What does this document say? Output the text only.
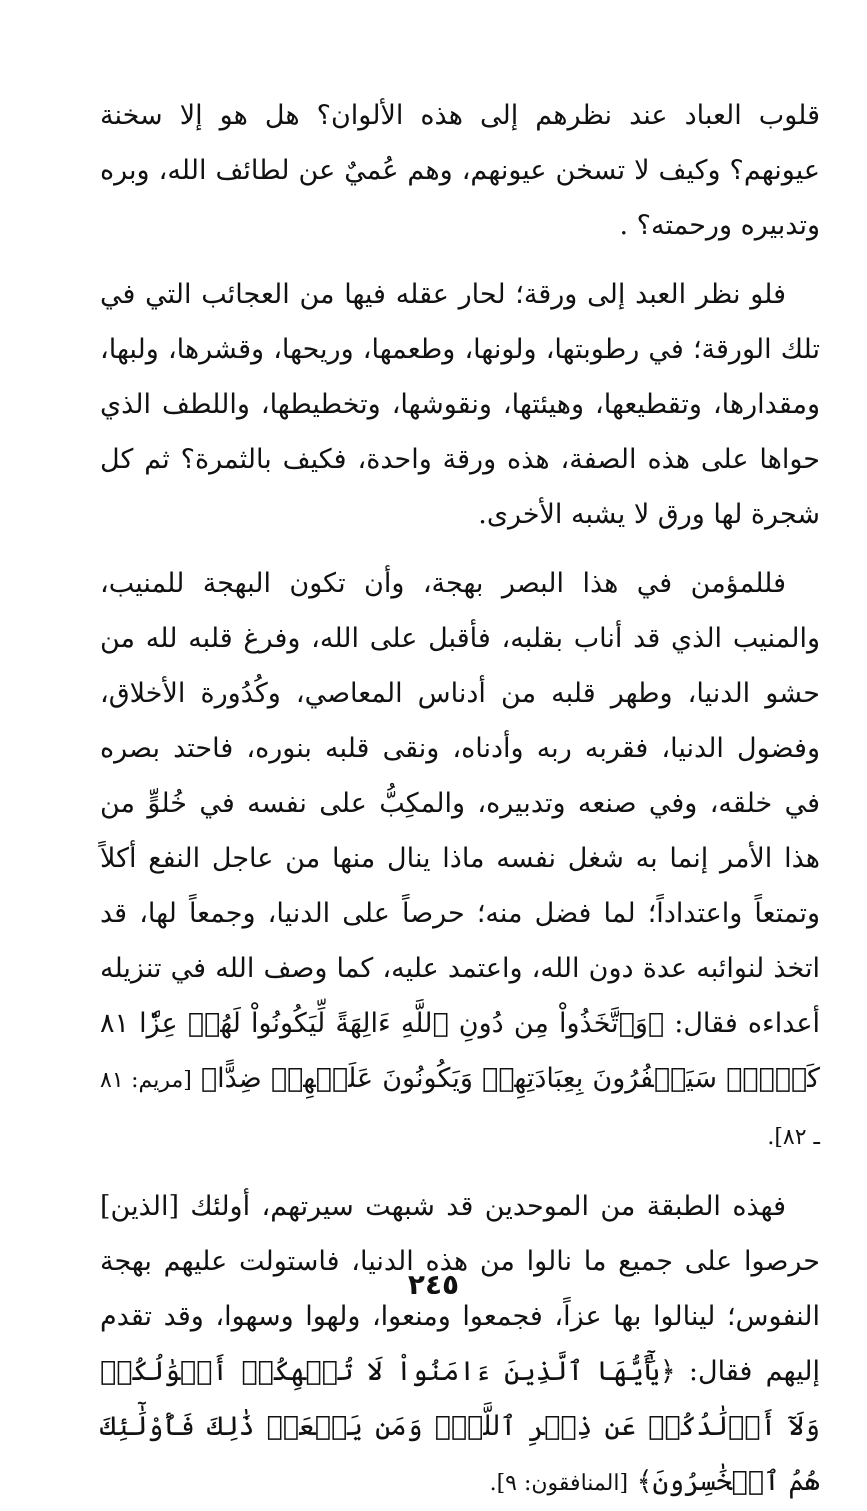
قلوب العباد عند نظرهم إلى هذه الألوان؟ هل هو إلا سخنة عيونهم؟ وكيف لا تسخن عيونهم، وهم عُميٌ عن لطائف الله، وبره وتدبيره ورحمته؟ .

فلو نظر العبد إلى ورقة؛ لحار عقله فيها من العجائب التي في تلك الورقة؛ في رطوبتها، ولونها، وطعمها، وريحها، وقشرها، ولبها، ومقدارها، وتقطيعها، وهيئتها، ونقوشها، وتخطيطها، واللطف الذي حواها على هذه الصفة، هذه ورقة واحدة، فكيف بالثمرة؟ ثم كل شجرة لها ورق لا يشبه الأخرى.

فللمؤمن في هذا البصر بهجة، وأن تكون البهجة للمنيب، والمنيب الذي قد أناب بقلبه، فأقبل على الله، وفرغ قلبه لله من حشو الدنيا، وطهر قلبه من أدناس المعاصي، وكُدُورة الأخلاق، وفضول الدنيا، فقربه ربه وأدناه، ونقى قلبه بنوره، فاحتد بصره في خلقه، وفي صنعه وتدبيره، والمكِبُّ على نفسه في خُلوٍّ من هذا الأمر إنما به شغل نفسه ماذا ينال منها من عاجل النفع أكلاً وتمتعاً واعتداداً؛ لما فضل منه؛ حرصاً على الدنيا، وجمعاً لها، قد اتخذ لنوائبه عدة دون الله، واعتمد عليه، كما وصف الله في تنزيله أعداءه فقال: ﴿وَٱتَّخَذُواْ مِن دُونِ ٱللَّهِ ءَالِهَةً لِّيَكُونُواْ لَهُمۡ عِزّٗا ٨١ كَلَّاۚ سَيَكۡفُرُونَ بِعِبَادَتِهِمۡ وَيَكُونُونَ عَلَيۡهِمۡ ضِدًّا﴾ [مريم: ٨١ ـ ٨٢].

فهذه الطبقة من الموحدين قد شبهت سيرتهم، أولئك [الذين] حرصوا على جميع ما نالوا من هذه الدنيا، فاستولت عليهم بهجة النفوس؛ لينالوا بها عزاً، فجمعوا ومنعوا، ولهوا وسهوا، وقد تقدم إليهم فقال: ﴿يَٰٓأَيُّهَا ٱلَّذِينَ ءَامَنُواْ لَا تُلۡهِكُمۡ أَمۡوَٰلُكُمۡ وَلَآ أَوۡلَٰدُكُمۡ عَن ذِكۡرِ ٱللَّهِۚ وَمَن يَفۡعَلۡ ذَٰلِكَ فَأُوْلَٰٓئِكَ هُمُ ٱلۡخَٰسِرُونَ﴾ [المنافقون: ٩].

٢٤٥
